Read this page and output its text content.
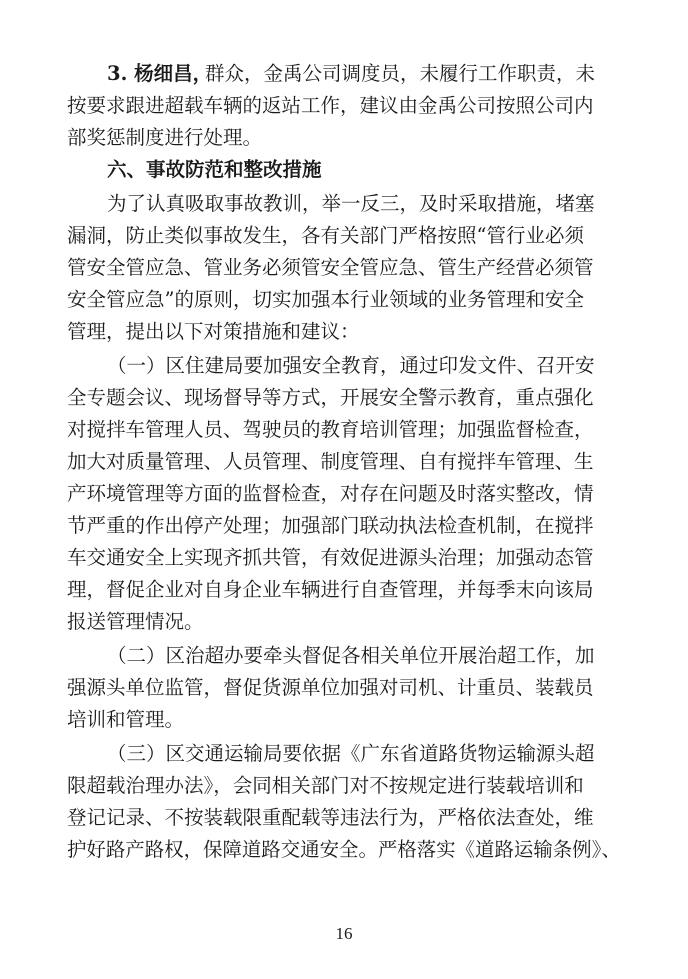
3. 杨细昌，
群众，金禹公司调度员，未履行工作职责，未
按要求跟进超载车辆的返站工作，建议由金禹公司按照公司内
部奖惩制度进行处理。
六、事故防范和整改措施
为了认真吸取事故教训，举一反三，及时采取措施，堵塞
漏洞，防止类似事故发生，各有关部门严格按照“管行业必须
管安全管应急、管业务必须管安全管应急、管生产经营必须管
安全管应急”的原则，切实加强本行业领域的业务管理和安全
管理，提出以下对策措施和建议：
（一）区住建局要加强安全教育，通过印发文件、召开安
全专题会议、现场督导等方式，开展安全警示教育，重点强化
对搅拌车管理人员、驾驶员的教育培训管理；加强监督检查，
加大对质量管理、人员管理、制度管理、自有搅拌车管理、生
产环境管理等方面的监督检查，对存在问题及时落实整改，情
节严重的作出停产处理；加强部门联动执法检查机制，在搅拌
车交通安全上实现齐抓共管，有效促进源头治理；加强动态管
理，督促企业对自身企业车辆进行自查管理，并每季末向该局
报送管理情况。
（二）区治超办要牵头督促各相关单位开展治超工作，加
强源头单位监管，督促货源单位加强对司机、计重员、装载员
培训和管理。
（三）区交通运输局要依据《广东省道路货物运输源头超
限超载治理办法》，会同相关部门对不按规定进行装载培训和
登记记录、不按装载限重配载等违法行为，严格依法查处，维
护好路产路权，保障道路交通安全。严格落实《道路运输条例》、
16
